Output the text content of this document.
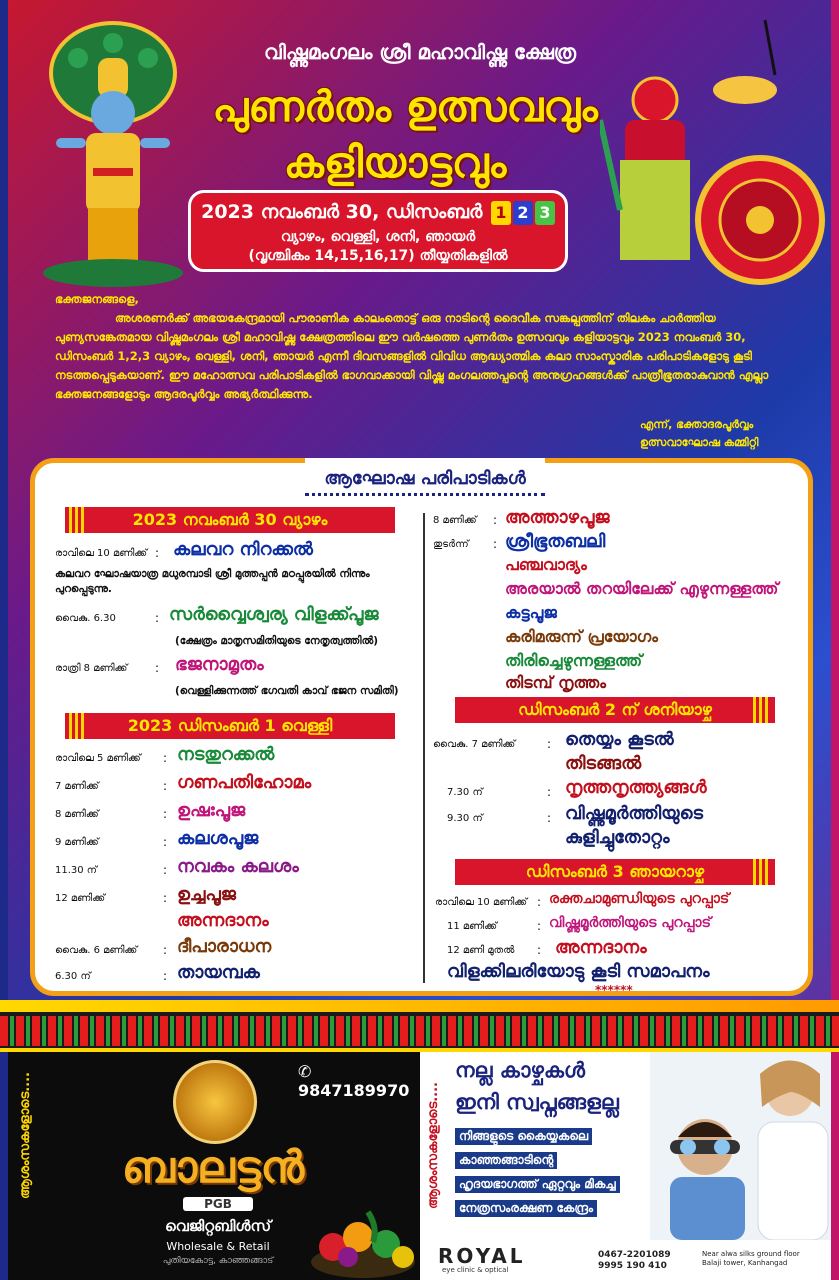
വിഷ്ണുമംഗലം ശ്രീ മഹാവിഷ്ണു ക്ഷേത്ര
പുണർതം ഉത്സവവും
കളിയാട്ടവും
2023 നവംബർ 30, ഡിസംബർ 1 2 3
വ്യാഴം, വെള്ളി, ശനി, ഞായർ
(വൃശ്ചികം 14,15,16,17) തീയ്യതികളിൽ
ഭക്തജനങ്ങളെ,
അശരണർക്ക് അഭയകേന്ദ്രമായി പൗരാണിക കാലംതൊട്ട് ഒരു നാടിന്റെ ദൈവീക സങ്കല്പത്തിന് തിലകം ചാർത്തിയ പുണ്യസങ്കേതമായ വിഷ്ണുമംഗലം ശ്രീ മഹാവിഷ്ണു ക്ഷേത്രത്തിലെ ഈ വർഷത്തെ പുണർതം ഉത്സവവും കളിയാട്ടവും 2023 നവംബർ 30, ഡിസംബർ 1,2,3 വ്യാഴം, വെള്ളി, ശനി, ഞായർ എന്നീ ദിവസങ്ങളിൽ വിവിധ ആദ്ധ്യാത്മിക കലാ സാംസ്കാരിക പരിപാടികളോടു കൂടി നടത്തപ്പെടുകയാണ്. ഈ മഹോത്സവ പരിപാടികളിൽ ഭാഗവാക്കായി വിഷ്ണു മംഗലത്തപ്പന്റെ അനുഗ്രഹങ്ങൾക്ക് പാത്രീഭൂതരാകുവാൻ എല്ലാ ഭക്തജനങ്ങളോടും ആദരപൂർവ്വം അഭ്യർത്ഥിക്കുന്നു.
എന്ന്, ഭക്താദരപൂർവ്വം
ഉത്സവാഘോഷ കമ്മിറ്റി
ആഘോഷ പരിപാടികൾ
2023 നവംബർ 30 വ്യാഴം
രാവിലെ 10 മണിക്ക് : കലവറ നിറക്കൽ
കലവറ ഘോഷയാത്ര മധുരമ്പാടി ശ്രീ മുത്തപ്പൻ മഠപ്പുരയിൽ നിന്നും പുറപ്പെടുന്നു.
വൈകു. 6.30	: സർവ്വൈശ്വര്യ വിളക്ക്പൂജ
(ക്ഷേത്രം മാതൃസമിതിയുടെ നേതൃത്വത്തിൽ)
രാത്രി 8 മണിക്ക് : ഭജനാമൃതം
(വെള്ളിക്കുന്നത്ത് ഭഗവതി കാവ് ഭജന സമിതി)
2023 ഡിസംബർ 1 വെള്ളി
രാവിലെ 5 മണിക്ക് : നടതുറക്കൽ
7 മണിക്ക്	: ഗണപതിഹോമം
8 മണിക്ക്	: ഉഷഃപൂജ
9 മണിക്ക്	: കലശപൂജ
11.30 ന്	: നവകം കലശം
12 മണിക്ക്	: ഉച്ചപൂജ
അന്നദാനം
വൈകു. 6 മണിക്ക് : ദീപാരാധന
6.30 ന്	: തായമ്പക
8 മണിക്ക് : അത്താഴപൂജ
തുടർന്ന് : ശ്രീഭൂതബലി
പഞ്ചവാദ്യം
അരയാൽ തറയിലേക്ക് എഴുന്നള്ളത്ത്
കട്ടപൂജ
കരിമരുന്ന് പ്രയോഗം
തിരിച്ചെഴുന്നള്ളത്ത്
തിടമ്പ് നൃത്തം
ഡിസംബർ 2 ന് ശനിയാഴ്ച
വൈകു. 7 മണിക്ക്	: തെയ്യം കൂടൽ
തിടങ്ങൽ
7.30 ന്	: നൃത്തനൃത്ത്യങ്ങൾ
9.30 ന്	: വിഷ്ണുമൂർത്തിയുടെ
കുളിച്ചുതോറ്റം
ഡിസംബർ 3 ഞായറാഴ്ച
രാവിലെ 10 മണിക്ക് : രക്തചാമുണ്ഡിയുടെ പുറപ്പാട്
11 മണിക്ക്	: വിഷ്ണുമൂർത്തിയുടെ പുറപ്പാട്
12 മണി മുതൽ : അന്നദാനം
വിളക്കിലരിയോടു കൂടി സമാപനം
******
ആശംസകളോടെ....
✆ 9847189970
ബാലട്ടൻ
PGB
വെജിറ്റബിൾസ്
Wholesale & Retail
പുതിയകോട്ട, കാഞ്ഞങ്ങാട്
ആശംസകളോടെ....
നല്ല കാഴ്ചകൾ
ഇനി സ്വപ്നങ്ങളല്ല
നിങ്ങളുടെ കൈയ്യകലെ
കാഞ്ഞങ്ങാടിന്റെ
ഹൃദയഭാഗത്ത് ഏറ്റവും മികച്ച
നേത്രസംരക്ഷണ കേന്ദ്രം
ROYAL
eye clinic & optical
0467-2201089
9995 190 410
Near alwa silks ground floor
Balaji tower, Kanhangad
